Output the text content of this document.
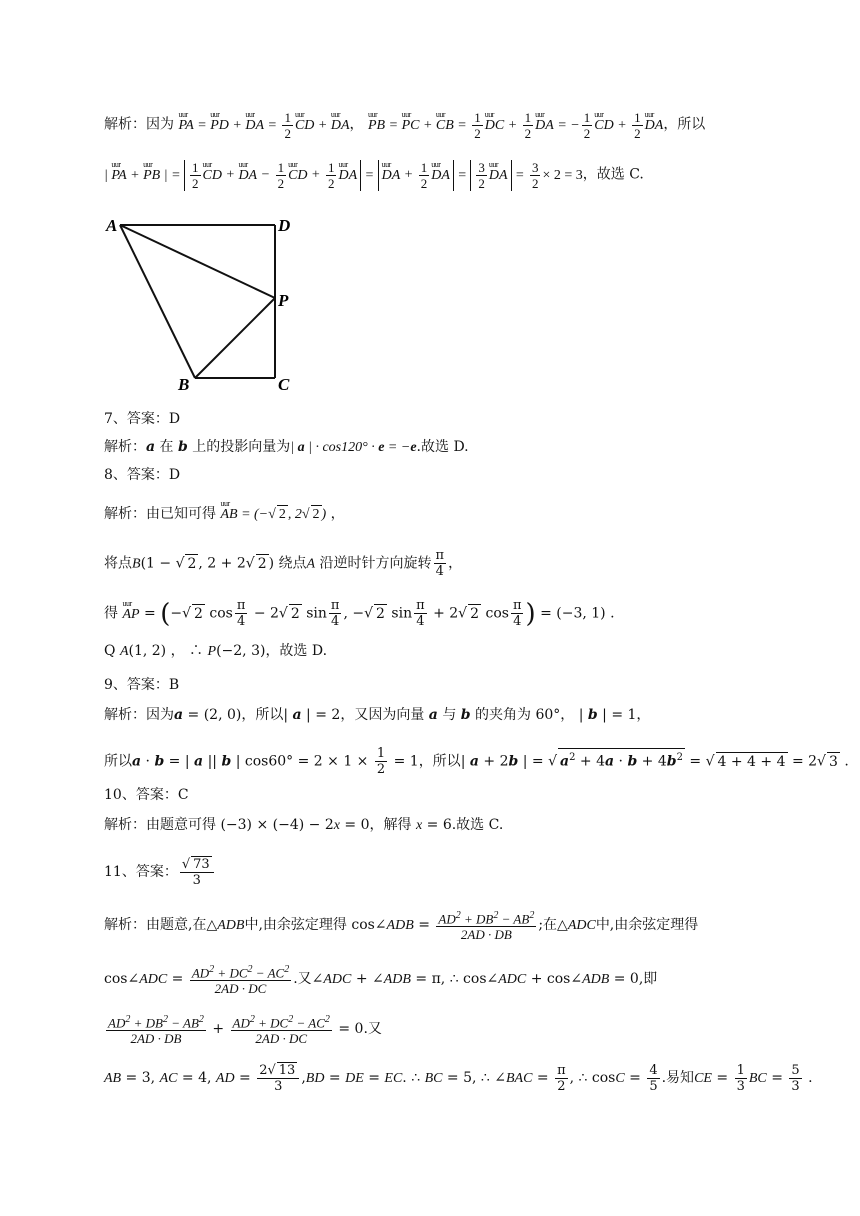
解析：因为 uur PA = uur PD + uur DA = $\frac{1}{2}$ uur CD + uur DA， uur PB = uur PC + uur CB = $\frac{1}{2}$ uur DC + $\frac{1}{2}$ uur DA = − $\frac{1}{2}$ uur CD + $\frac{1}{2}$ uur DA，所以
| uur PA + uur PB | = $\frac{1}{2}$ uur CD + uur DA − $\frac{1}{2}$ uur CD + $\frac{1}{2}$ uur DA = uur DA + $\frac{1}{2}$ uur DA = $\frac{3}{2}$ uur DA = $\frac{3}{2} \times 2 = 3$，故选 C.
A	D
P
B	C
7、答案：D
解析：a 在 b 上的投影向量为| a | · cos120° · e = −e.故选 D.
8、答案：D
解析：由已知可得 uur AB = (−√ 2 , 2√ 2 ) ，
将点B(1 − √ 2 , 2 + 2√ 2 ) 绕点A 沿逆时针方向旋转 $\frac{\pi}{4}$ ，
得 uur AP = (−√ 2 $\cos \frac{\pi}{4} - 2√$ 2 $\sin \frac{\pi}{4}$ , −√ 2 $\sin \frac{\pi}{4} + 2√$ 2 $\cos \frac{\pi}{4}$ ) = (−3, 1) .
Q A(1, 2) ， ∴ P(−2, 3)，故选 D.
9、答案：B
解析：因为a = (2, 0)，所以| a | = 2，又因为向量 a 与 b 的夹角为 60°， | b | = 1，
所以a · b = | a || b | $\cos 60^\circ = 2 \times 1 \times \frac{1}{2} = 1$，所以| a + 2b | = √ $a^2 + 4a \cdot b + 4b^2$ = √ 4 + 4 + 4 = 2√ 3 .
10、答案：C
解析：由题意可得 (−3) × (−4) − 2x = 0，解得 x = 6.故选 C.
11、答案： $\frac{√ 73}{3}$
解析：由题意,在△ADB中,由余弦定理得 cos∠ADB = $\frac{AD^2 + DB^2 - AB^2}{2AD \cdot DB}$ ;在△ADC中,由余弦定理得
cos∠ADC = $\frac{AD^2 + DC^2 - AC^2}{2AD \cdot DC}$ .又∠ADC + ∠ADB = π, ∴ cos∠ADC + cos∠ADB = 0,即
$\frac{AD^2 + DB^2 - AB^2}{2AD \cdot DB} + \frac{AD^2 + DC^2 - AC^2}{2AD \cdot DC} = 0$.又
AB = 3, AC = 4, AD = $\frac{2√ 13}{3} ,BD$ = DE = EC. ∴ BC = 5, ∴ ∠BAC = $\frac{\pi}{2}$ , ∴ $\cos C = \frac{4}{5}$ .易知CE = $\frac{1}{3}$ BC = $\frac{5}{3}$ .
